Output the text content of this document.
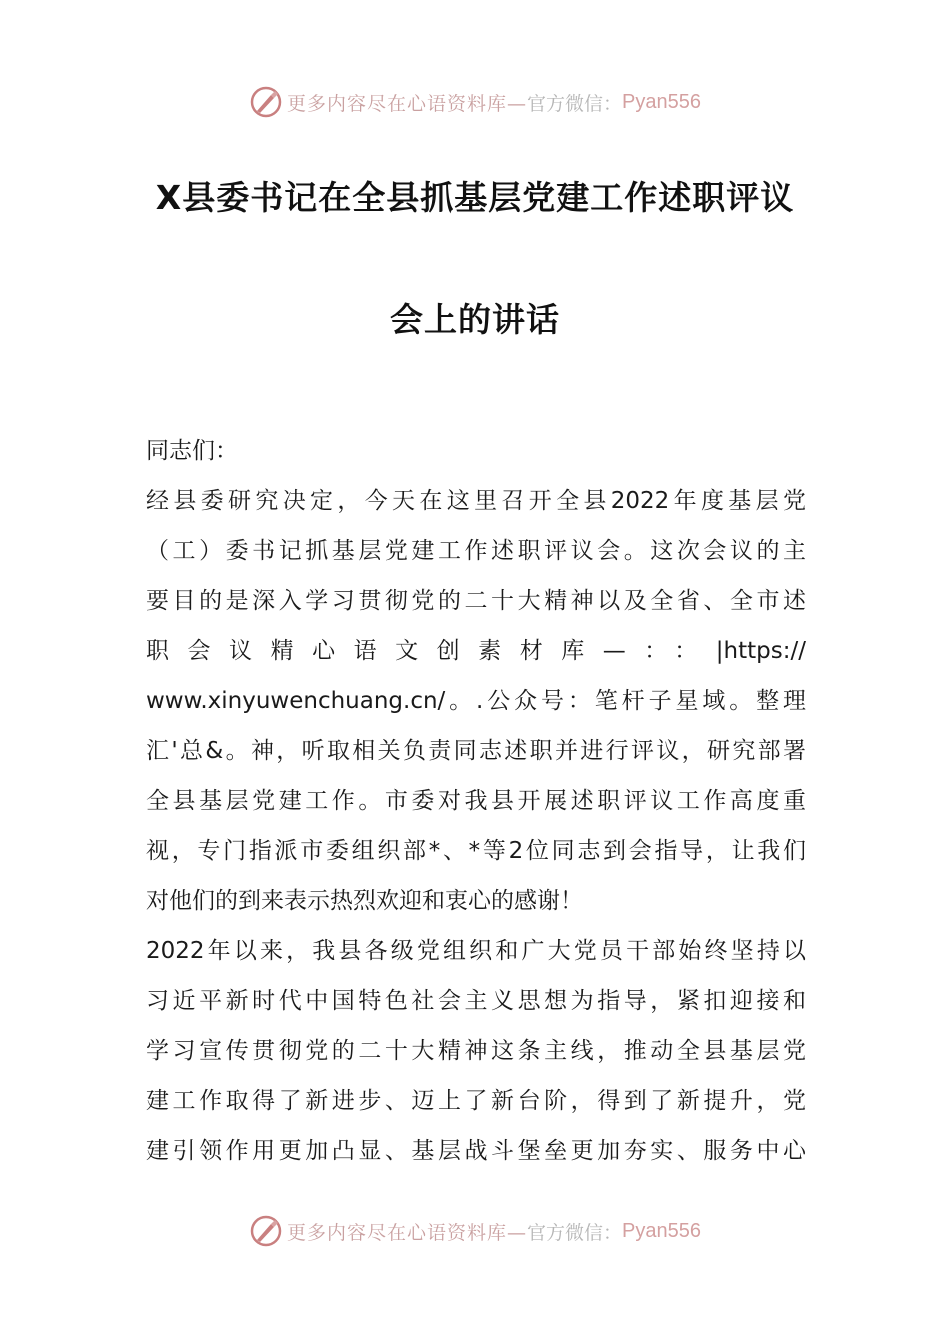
更多内容尽在心语资料库— 官方微信： Pyan556
X县委书记在全县抓基层党建工作述职评议
会上的讲话
同志们：
经县委研究决定，今天在这里召开全县2022年度基层党
（工）委书记抓基层党建工作述职评议会。这次会议的主
要目的是深入学习贯彻党的二十大精神以及全省、全市述
职会议精心语文创素材库—：：|https://
www.xinyuwenchuang.cn/。.公众号：笔杆子星域。整理
汇'总&。神，听取相关负责同志述职并进行评议，研究部署
全县基层党建工作。市委对我县开展述职评议工作高度重
视，专门指派市委组织部*、*等2位同志到会指导，让我们
对他们的到来表示热烈欢迎和衷心的感谢！
2022年以来，我县各级党组织和广大党员干部始终坚持以
习近平新时代中国特色社会主义思想为指导，紧扣迎接和
学习宣传贯彻党的二十大精神这条主线，推动全县基层党
建工作取得了新进步、迈上了新台阶，得到了新提升，党
建引领作用更加凸显、基层战斗堡垒更加夯实、服务中心
更多内容尽在心语资料库— 官方微信： Pyan556
